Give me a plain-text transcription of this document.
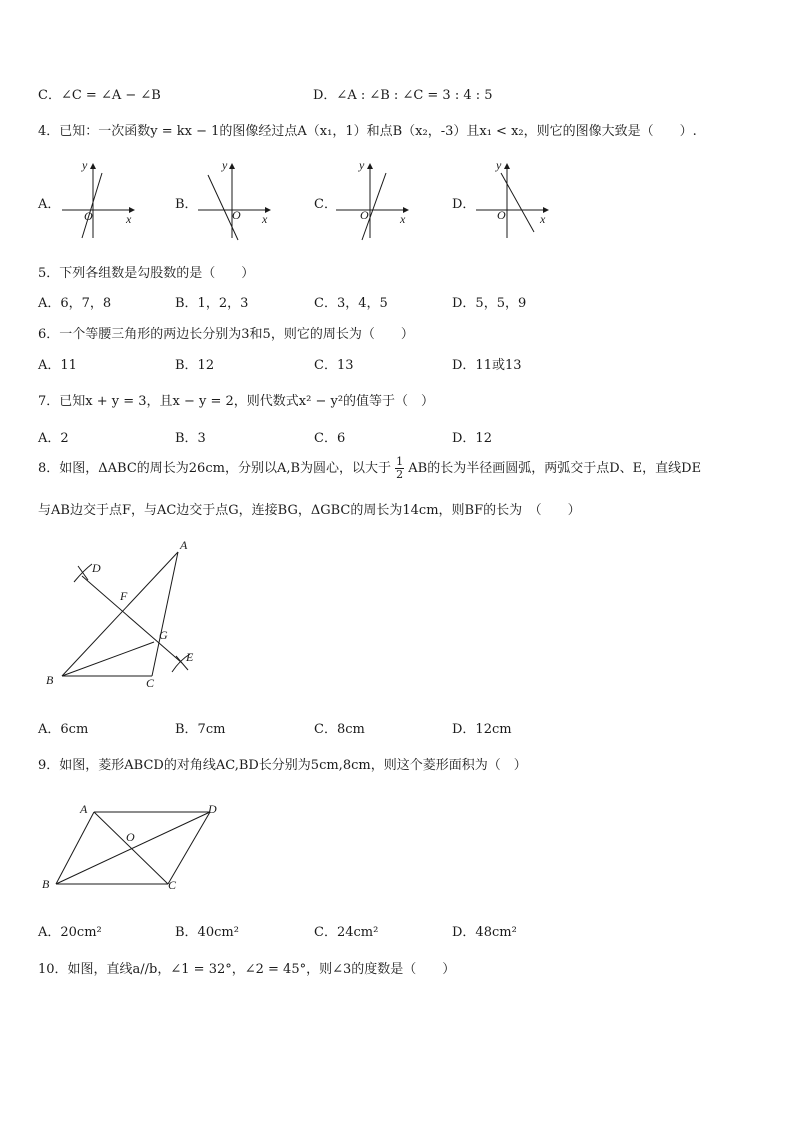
C．∠C = ∠A − ∠B	D．∠A : ∠B : ∠C = 3 : 4 : 5
4．已知：一次函数y = kx − 1的图像经过点A（x₁，1）和点B（x₂，-3）且x₁ < x₂，则它的图像大致是（　　）.
A．	B．	C．	D．
y
x
O
y
x
O
y
x
O
y
x
O
5．下列各组数是勾股数的是（　　）
A．6，7，8	B．1，2，3	C．3，4，5	D．5，5，9
6．一个等腰三角形的两边长分别为3和5，则它的周长为（　　）
A．11	B．12	C．13	D．11或13
7．已知x + y = 3，且x − y = 2，则代数式x² − y²的值等于（　）
A．2	B．3	C．6	D．12
8．如图，ΔABC的周长为26cm，分别以A,B为圆心，以大于 $\frac{1}{2}$ AB的长为半径画圆弧，两弧交于点D、E，直线DE
与AB边交于点F，与AC边交于点G，连接BG，ΔGBC的周长为14cm，则BF的长为　（　　）
A
B	C
D
E
F
G
A．6cm	B．7cm	C．8cm	D．12cm
9．如图，菱形ABCD的对角线AC,BD长分别为5cm,8cm，则这个菱形面积为（　）
A
B	C
D
O
A．20cm²	B．40cm²	C．24cm²	D．48cm²
10．如图，直线a//b，∠1 = 32°，∠2 = 45°，则∠3的度数是（　　）
